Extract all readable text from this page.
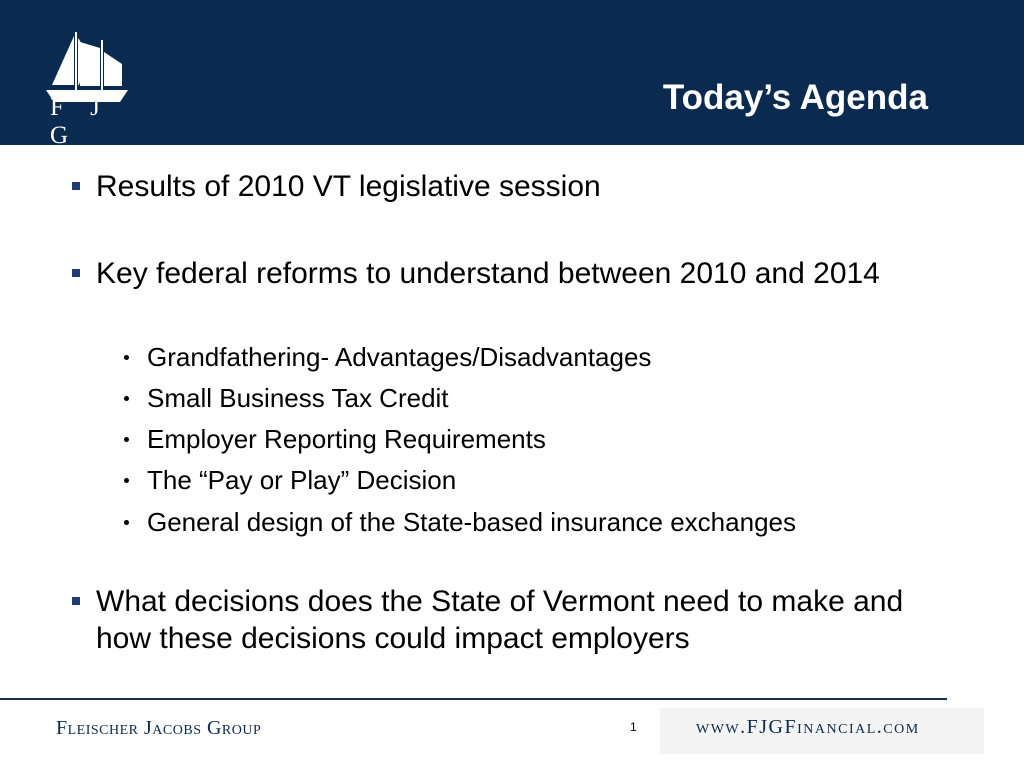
F J G
Today’s Agenda
Results of 2010 VT legislative session
Key federal reforms to understand between 2010 and 2014
Grandfathering- Advantages/Disadvantages
Small Business Tax Credit
Employer Reporting Requirements
The “Pay or Play” Decision
General design of the State-based insurance exchanges
What decisions does the State of Vermont need to make and how these decisions could impact employers
Fleischer Jacobs Group	1	www.FJGFinancial.com
